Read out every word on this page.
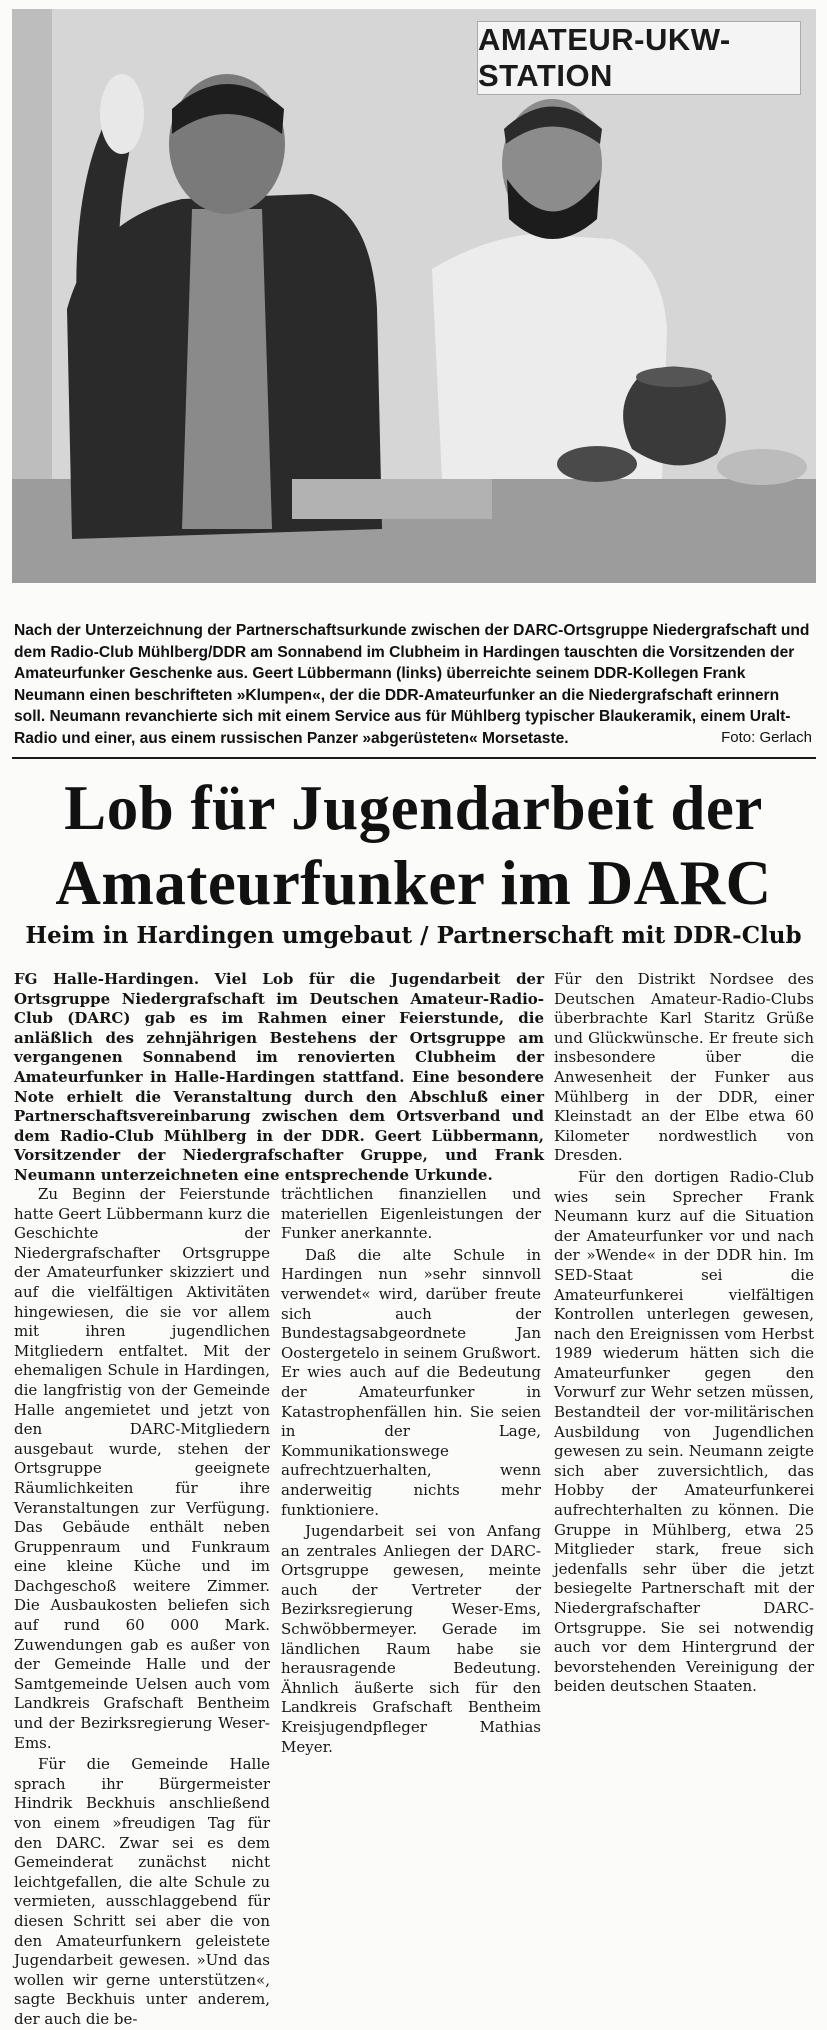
AMATEUR-UKW-STATION

Nach der Unterzeichnung der Partnerschaftsurkunde zwischen der DARC-Ortsgruppe Niedergrafschaft und dem Radio-Club Mühlberg/DDR am Sonnabend im Clubheim in Hardingen tauschten die Vorsitzenden der Amateurfunker Geschenke aus. Geert Lübbermann (links) überreichte seinem DDR-Kollegen Frank Neumann einen beschrifteten »Klumpen«, der die DDR-Amateurfunker an die Niedergrafschaft erinnern soll. Neumann revanchierte sich mit einem Service aus für Mühlberg typischer Blaukeramik, einem Uralt-Radio und einer, aus einem russischen Panzer »abgerüsteten« Morsetaste.	Foto: Gerlach
Lob für Jugendarbeit der
Amateurfunker im DARC
Heim in Hardingen umgebaut / Partnerschaft mit DDR-Club

FG Halle-Hardingen. Viel Lob für die Jugendarbeit der Ortsgruppe Niedergrafschaft im Deutschen Amateur-Radio-Club (DARC) gab es im Rahmen einer Feierstunde, die anläßlich des zehnjährigen Bestehens der Ortsgruppe am vergangenen Sonnabend im renovierten Clubheim der Amateurfunker in Halle-Hardingen stattfand. Eine besondere Note erhielt die Veranstaltung durch den Abschluß einer Partnerschaftsvereinbarung zwischen dem Ortsverband und dem Radio-Club Mühlberg in der DDR. Geert Lübbermann, Vorsitzender der Niedergrafschafter Gruppe, und Frank Neumann unterzeichneten eine entsprechende Urkunde.

Zu Beginn der Feierstunde hatte Geert Lübbermann kurz die Geschichte der Niedergrafschafter Ortsgruppe der Amateurfunker skizziert und auf die vielfältigen Aktivitäten hingewiesen, die sie vor allem mit ihren jugendlichen Mitgliedern entfaltet. Mit der ehemaligen Schule in Hardingen, die langfristig von der Gemeinde Halle angemietet und jetzt von den DARC-Mitgliedern ausgebaut wurde, stehen der Ortsgruppe geeignete Räumlichkeiten für ihre Veranstaltungen zur Verfügung. Das Gebäude enthält neben Gruppenraum und Funkraum eine kleine Küche und im Dachgeschoß weitere Zimmer. Die Ausbaukosten beliefen sich auf rund 60 000 Mark. Zuwendungen gab es außer von der Gemeinde Halle und der Samtgemeinde Uelsen auch vom Landkreis Grafschaft Bentheim und der Bezirksregierung Weser-Ems.

Für die Gemeinde Halle sprach ihr Bürgermeister Hindrik Beckhuis anschließend von einem »freudigen Tag für den DARC. Zwar sei es dem Gemeinderat zunächst nicht leichtgefallen, die alte Schule zu vermieten, ausschlaggebend für diesen Schritt sei aber die von den Amateurfunkern geleistete Jugendarbeit gewesen. »Und das wollen wir gerne unterstützen«, sagte Beckhuis unter anderem, der auch die be-

trächtlichen finanziellen und materiellen Eigenleistungen der Funker anerkannte.

Daß die alte Schule in Hardingen nun »sehr sinnvoll verwendet« wird, darüber freute sich auch der Bundestagsabgeordnete Jan Oostergetelo in seinem Grußwort. Er wies auch auf die Bedeutung der Amateurfunker in Katastrophenfällen hin. Sie seien in der Lage, Kommunikationswege aufrechtzuerhalten, wenn anderweitig nichts mehr funktioniere.

Jugendarbeit sei von Anfang an zentrales Anliegen der DARC-Ortsgruppe gewesen, meinte auch der Vertreter der Bezirksregierung Weser-Ems, Schwöbbermeyer. Gerade im ländlichen Raum habe sie herausragende Bedeutung. Ähnlich äußerte sich für den Landkreis Grafschaft Bentheim Kreisjugendpfleger Mathias Meyer.

Für den Distrikt Nordsee des Deutschen Amateur-Radio-Clubs überbrachte Karl Staritz Grüße und Glückwünsche. Er freute sich insbesondere über die Anwesenheit der Funker aus Mühlberg in der DDR, einer Kleinstadt an der Elbe etwa 60 Kilometer nordwestlich von Dresden.

Für den dortigen Radio-Club wies sein Sprecher Frank Neumann kurz auf die Situation der Amateurfunker vor und nach der »Wende« in der DDR hin. Im SED-Staat sei die Amateurfunkerei vielfältigen Kontrollen unterlegen gewesen, nach den Ereignissen vom Herbst 1989 wiederum hätten sich die Amateurfunker gegen den Vorwurf zur Wehr setzen müssen, Bestandteil der vor-militärischen Ausbildung von Jugendlichen gewesen zu sein. Neumann zeigte sich aber zuversichtlich, das Hobby der Amateurfunkerei aufrechterhalten zu können. Die Gruppe in Mühlberg, etwa 25 Mitglieder stark, freue sich jedenfalls sehr über die jetzt besiegelte Partnerschaft mit der Niedergrafschafter DARC-Ortsgruppe. Sie sei notwendig auch vor dem Hintergrund der bevorstehenden Vereinigung der beiden deutschen Staaten.
